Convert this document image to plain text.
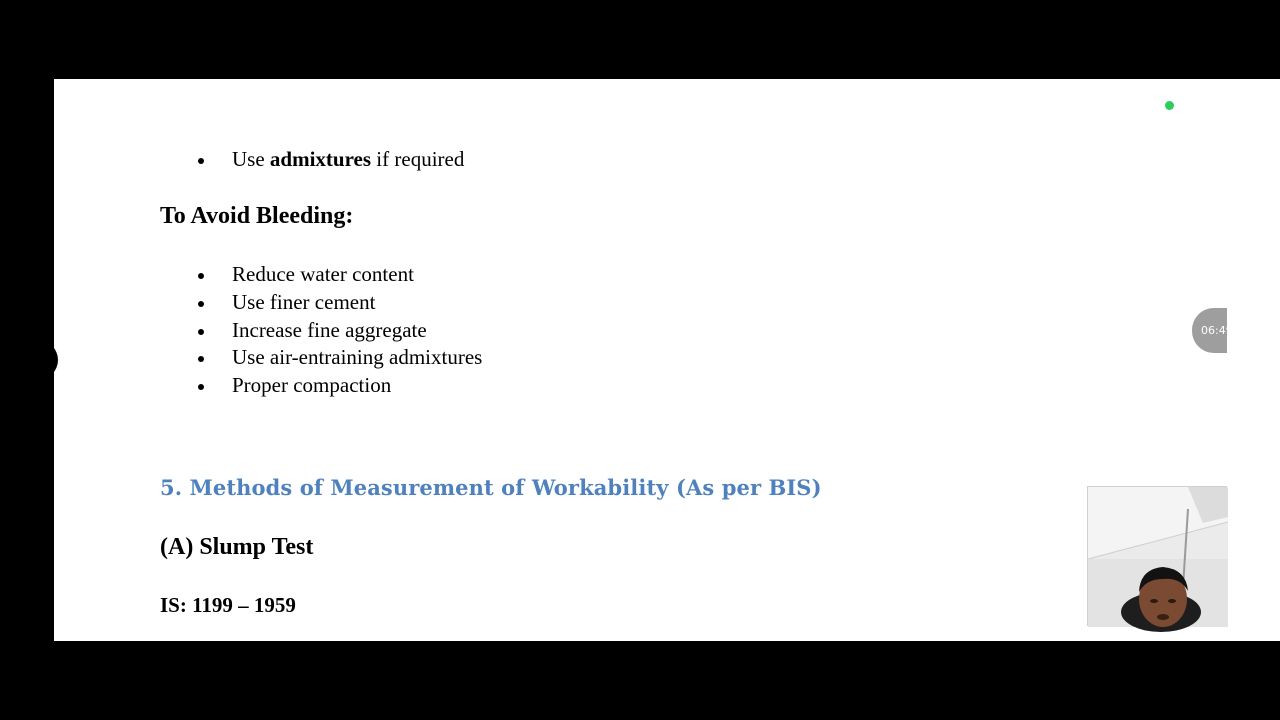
Use admixtures if required
To Avoid Bleeding:
Reduce water content
Use finer cement
Increase fine aggregate
Use air-entraining admixtures
Proper compaction
5. Methods of Measurement of Workability (As per BIS)
(A) Slump Test
IS: 1199 – 1959
06:49
